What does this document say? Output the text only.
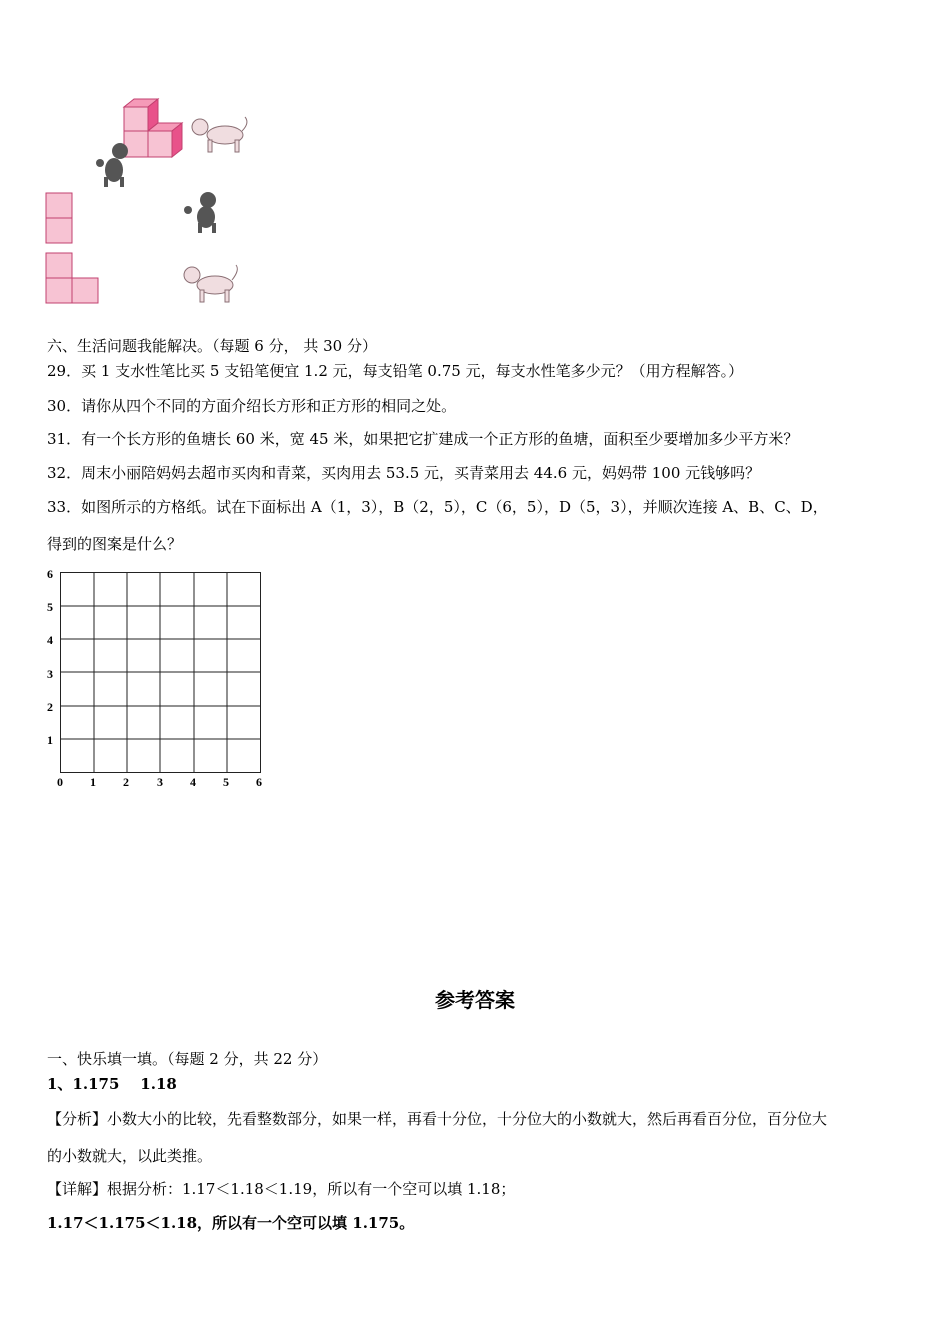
六、生活问题我能解决。（每题 6 分， 共 30 分）
29．买 1 支水性笔比买 5 支铅笔便宜 1.2 元，每支铅笔 0.75 元，每支水性笔多少元？（用方程解答。）
30．请你从四个不同的方面介绍长方形和正方形的相同之处。
31．有一个长方形的鱼塘长 60 米，宽 45 米，如果把它扩建成一个正方形的鱼塘，面积至少要增加多少平方米？
32．周末小丽陪妈妈去超市买肉和青菜，买肉用去 53.5 元，买青菜用去 44.6 元，妈妈带 100 元钱够吗？
33．如图所示的方格纸。试在下面标出 A（1，3），B（2，5），C（6，5），D（5，3），并顺次连接 A、B、C、D，
得到的图案是什么？
0 1 2 3 4 5 6
1
2
3
4
5
6
参考答案
一、快乐填一填。（每题 2 分，共 22 分）
1、1.175    1.18
【分析】小数大小的比较，先看整数部分，如果一样，再看十分位，十分位大的小数就大，然后再看百分位，百分位大
的小数就大，以此类推。
【详解】根据分析：1.17＜1.18＜1.19，所以有一个空可以填 1.18；
1.17＜1.175＜1.18，所以有一个空可以填 1.175。
